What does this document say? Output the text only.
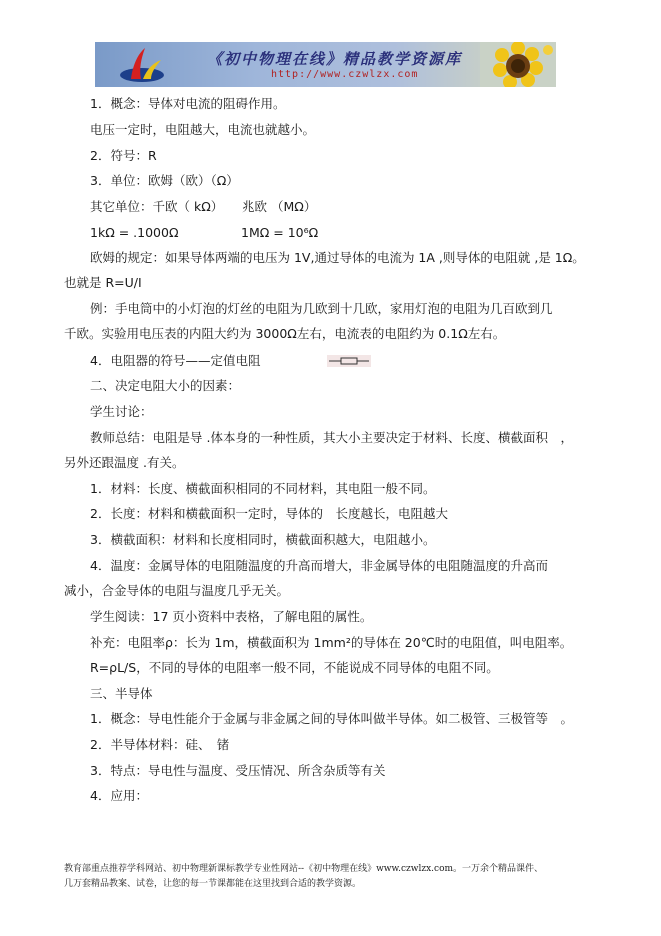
《初中物理在线》精品教学资源库
http://www.czwlzx.com
1．概念：导体对电流的阻碍作用。
电压一定时，电阻越大，电流也就越小。
2．符号：R
3．单位：欧姆（欧）（Ω）
其它单位：千欧（ kΩ）　　兆欧 （MΩ）
1kΩ = .1000Ω　　　　　1MΩ = 10⁶Ω
欧姆的规定：如果导体两端的电压为 1V,通过导体的电流为 1A ,则导体的电阻就 ,是 1Ω。
也就是 R=U/I
例：手电筒中的小灯泡的灯丝的电阻为几欧到十几欧，家用灯泡的电阻为几百欧到几
千欧。实验用电压表的内阻大约为 3000Ω左右，电流表的电阻约为 0.1Ω左右。
4．电阻器的符号——定值电阻
二、决定电阻大小的因素：
学生讨论：
教师总结：电阻是导 .体本身的一种性质，其大小主要决定于材料、长度、横截面积　，
另外还跟温度 .有关。
1．材料：长度、横截面积相同的不同材料，其电阻一般不同。
2．长度：材料和横截面积一定时，导体的　长度越长，电阻越大
3．横截面积：材料和长度相同时，横截面积越大，电阻越小。
4．温度：金属导体的电阻随温度的升高而增大，非金属导体的电阻随温度的升高而
减小，合金导体的电阻与温度几乎无关。
学生阅读：17 页小资料中表格，了解电阻的属性。
补充：电阻率ρ：长为 1m，横截面积为 1mm²的导体在 20℃时的电阻值，叫电阻率。
R=ρL/S，不同的导体的电阻率一般不同，不能说成不同导体的电阻不同。
三、半导体
1．概念：导电性能介于金属与非金属之间的导体叫做半导体。如二极管、三极管等　。
2．半导体材料：硅、　锗
3．特点：导电性与温度、受压情况、所含杂质等有关
4．应用：
教育部重点推荐学科网站、初中物理新课标教学专业性网站--《初中物理在线》www.czwlzx.com。一万余个精品课件、
几万套精品教案、试卷，让您的每一节课都能在这里找到合适的教学资源。
